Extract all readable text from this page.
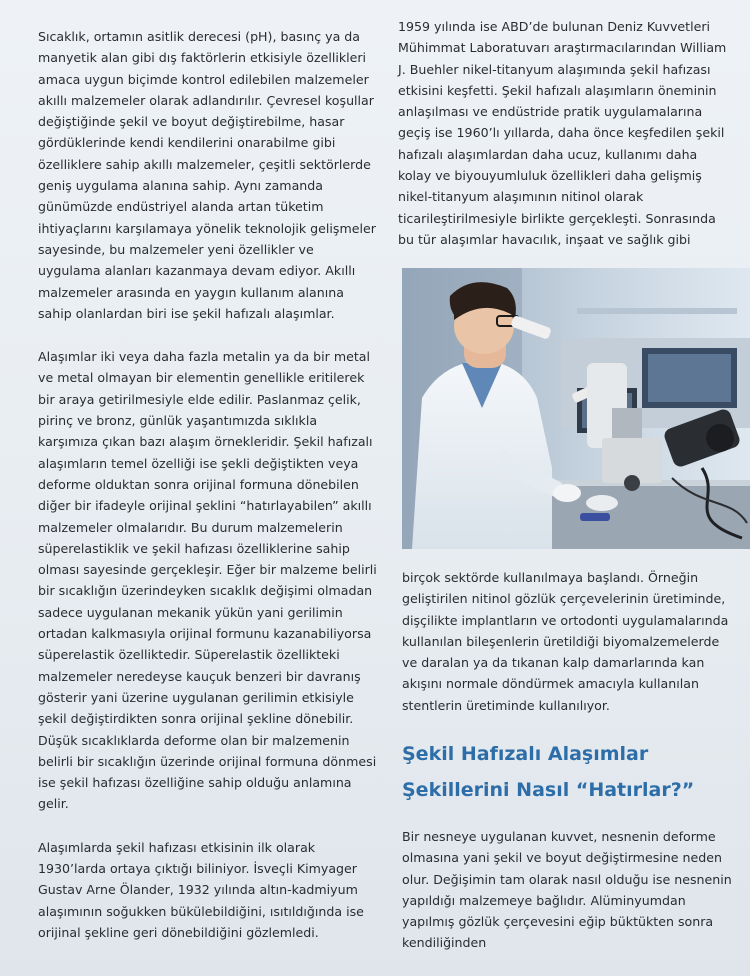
Sıcaklık, ortamın asitlik derecesi (pH), basınç ya da manyetik alan gibi dış faktörlerin etkisiyle özellikleri amaca uygun biçimde kontrol edilebilen malzemeler akıllı malzemeler olarak adlandırılır. Çevresel koşullar değiştiğinde şekil ve boyut değiştirebilme, hasar gördüklerinde kendi kendilerini onarabilme gibi özelliklere sahip akıllı malzemeler, çeşitli sektörlerde geniş uygulama alanına sahip. Aynı zamanda günümüzde endüstriyel alanda artan tüketim ihtiyaçlarını karşılamaya yönelik teknolojik gelişmeler sayesinde, bu malzemeler yeni özellikler ve uygulama alanları kazanmaya devam ediyor. Akıllı malzemeler arasında en yaygın kullanım alanına sahip olanlardan biri ise şekil hafızalı alaşımlar.

Alaşımlar iki veya daha fazla metalin ya da bir metal ve metal olmayan bir elementin genellikle eritilerek bir araya getirilmesiyle elde edilir. Paslanmaz çelik, pirinç ve bronz, günlük yaşantımızda sıklıkla karşımıza çıkan bazı alaşım örnekleridir. Şekil hafızalı alaşımların temel özelliği ise şekli değiştikten veya deforme olduktan sonra orijinal formuna dönebilen diğer bir ifadeyle orijinal şeklini “hatırlayabilen” akıllı malzemeler olmalarıdır. Bu durum malzemelerin süperelastiklik ve şekil hafızası özelliklerine sahip olması sayesinde gerçekleşir. Eğer bir malzeme belirli bir sıcaklığın üzerindeyken sıcaklık değişimi olmadan sadece uygulanan mekanik yükün yani gerilimin ortadan kalkmasıyla orijinal formunu kazanabiliyorsa süperelastik özelliktedir. Süperelastik özellikteki malzemeler neredeyse kauçuk benzeri bir davranış gösterir yani üzerine uygulanan gerilimin etkisiyle şekil değiştirdikten sonra orijinal şekline dönebilir. Düşük sıcaklıklarda deforme olan bir malzemenin belirli bir sıcaklığın üzerinde orijinal formuna dönmesi ise şekil hafızası özelliğine sahip olduğu anlamına gelir.

Alaşımlarda şekil hafızası etkisinin ilk olarak 1930’larda ortaya çıktığı biliniyor. İsveçli Kimyager Gustav Arne Ölander, 1932 yılında altın-kadmiyum alaşımının soğukken bükülebildiğini, ısıtıldığında ise orijinal şekline geri dönebildiğini gözlemledi.

1959 yılında ise ABD’de bulunan Deniz Kuvvetleri Mühimmat Laboratuvarı araştırmacılarından William J. Buehler nikel-titanyum alaşımında şekil hafızası etkisini keşfetti. Şekil hafızalı alaşımların öneminin anlaşılması ve endüstride pratik uygulamalarına geçiş ise 1960’lı yıllarda, daha önce keşfedilen şekil hafızalı alaşımlardan daha ucuz, kullanımı daha kolay ve biyouyumluluk özellikleri daha gelişmiş nikel-titanyum alaşımının nitinol olarak ticarileştirilmesiyle birlikte gerçekleşti. Sonrasında bu tür alaşımlar havacılık, inşaat ve sağlık gibi

birçok sektörde kullanılmaya başlandı. Örneğin geliştirilen nitinol gözlük çerçevelerinin üretiminde, dişçilikte implantların ve ortodonti uygulamalarında kullanılan bileşenlerin üretildiği biyomalzemelerde ve daralan ya da tıkanan kalp damarlarında kan akışını normale döndürmek amacıyla kullanılan stentlerin üretiminde kullanılıyor.

Şekil Hafızalı Alaşımlar
Şekillerini Nasıl “Hatırlar?”

Bir nesneye uygulanan kuvvet, nesnenin deforme olmasına yani şekil ve boyut değiştirmesine neden olur. Değişimin tam olarak nasıl olduğu ise nesnenin yapıldığı malzemeye bağlıdır. Alüminyumdan yapılmış gözlük çerçevesini eğip büktükten sonra kendiliğinden
